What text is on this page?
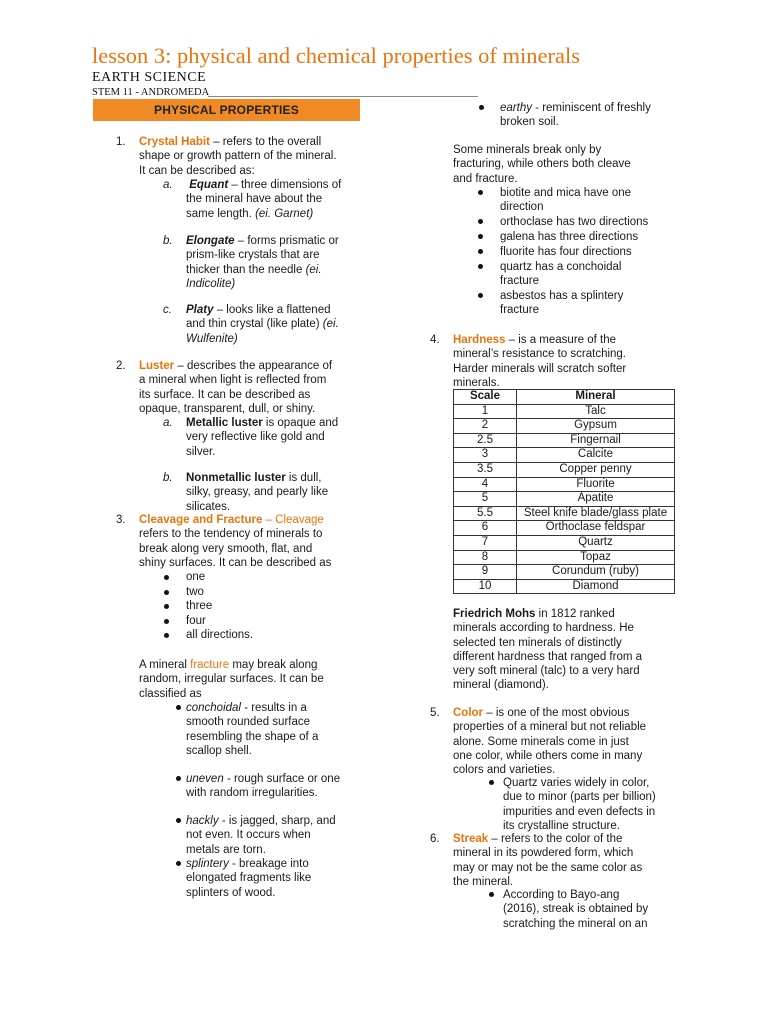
lesson 3: physical and chemical properties of minerals
EARTH SCIENCE
STEM 11 - ANDROMEDA
PHYSICAL PROPERTIES
1. Crystal Habit – refers to the overall
shape or growth pattern of the mineral.
It can be described as:
a. Equant – three dimensions of
the mineral have about the
same length. (ei. Garnet)
b. Elongate – forms prismatic or
prism-like crystals that are
thicker than the needle (ei.
Indicolite)
c. Platy – looks like a flattened
and thin crystal (like plate) (ei.
Wulfenite)
2. Luster – describes the appearance of
a mineral when light is reflected from
its surface. It can be described as
opaque, transparent, dull, or shiny.
a. Metallic luster is opaque and
very reflective like gold and
silver.
b. Nonmetallic luster is dull,
silky, greasy, and pearly like
silicates.
3. Cleavage and Fracture – Cleavage
refers to the tendency of minerals to
break along very smooth, flat, and
shiny surfaces. It can be described as
one
two
three
four
all directions.
A mineral fracture may break along
random, irregular surfaces. It can be
classified as
conchoidal - results in a
smooth rounded surface
resembling the shape of a
scallop shell.
uneven - rough surface or one
with random irregularities.
hackly - is jagged, sharp, and
not even. It occurs when
metals are torn.
splintery - breakage into
elongated fragments like
splinters of wood.
earthy - reminiscent of freshly
broken soil.
Some minerals break only by
fracturing, while others both cleave
and fracture.
biotite and mica have one
direction
orthoclase has two directions
galena has three directions
fluorite has four directions
quartz has a conchoidal
fracture
asbestos has a splintery
fracture
4. Hardness – is a measure of the
mineral’s resistance to scratching.
Harder minerals will scratch softer
minerals.
Scale	Mineral
1	Talc
2	Gypsum
2.5	Fingernail
3	Calcite
3.5	Copper penny
4	Fluorite
5	Apatite
5.5	Steel knife blade/glass plate
6	Orthoclase feldspar
7	Quartz
8	Topaz
9	Corundum (ruby)
10	Diamond
Friedrich Mohs in 1812 ranked
minerals according to hardness. He
selected ten minerals of distinctly
different hardness that ranged from a
very soft mineral (talc) to a very hard
mineral (diamond).
5. Color – is one of the most obvious
properties of a mineral but not reliable
alone. Some minerals come in just
one color, while others come in many
colors and varieties.
Quartz varies widely in color,
due to minor (parts per billion)
impurities and even defects in
its crystalline structure.
6. Streak – refers to the color of the
mineral in its powdered form, which
may or may not be the same color as
the mineral.
According to Bayo-ang
(2016), streak is obtained by
scratching the mineral on an
